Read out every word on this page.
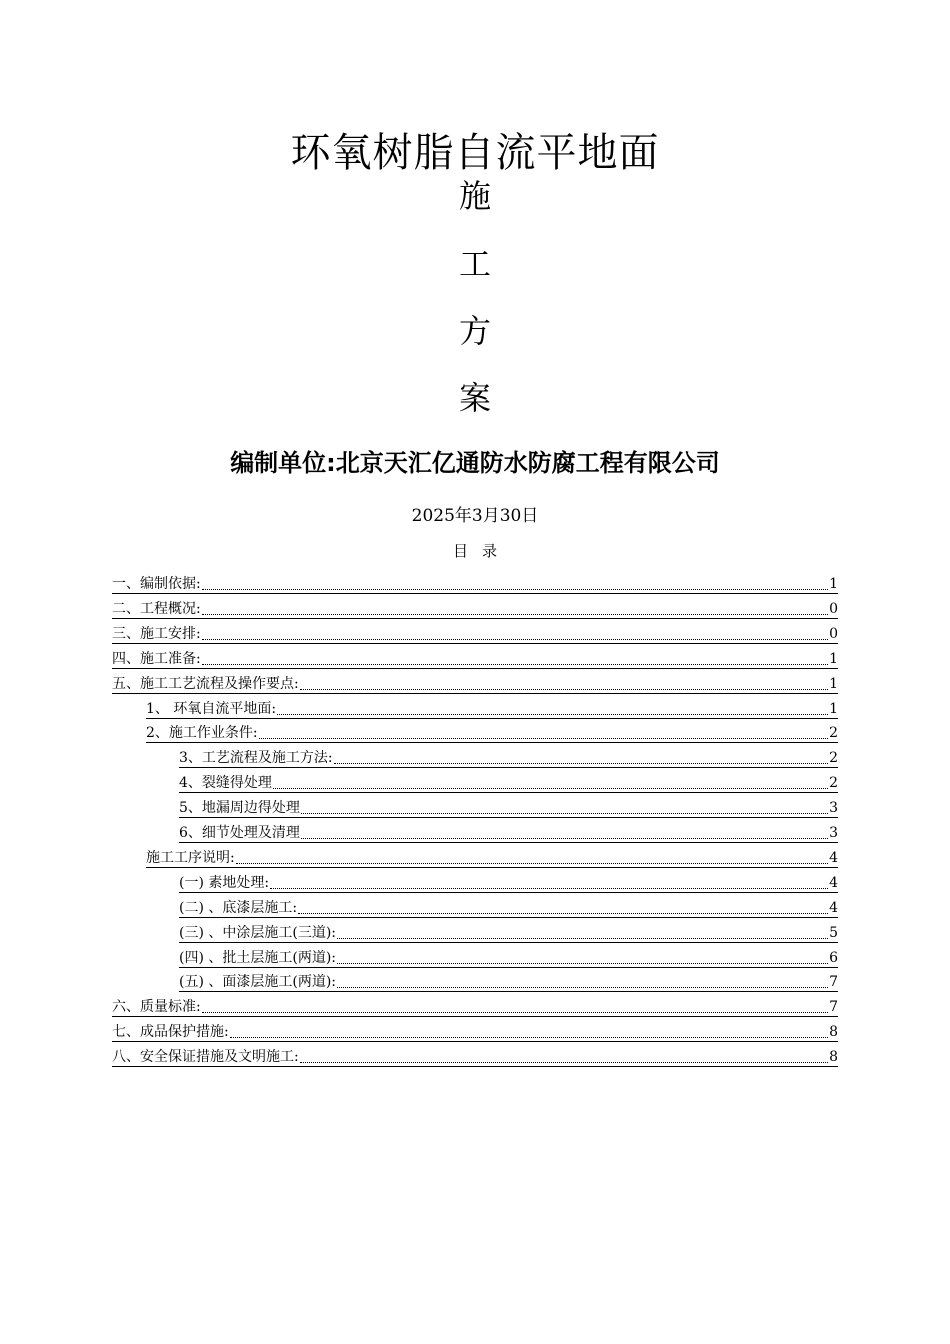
环氧树脂自流平地面
施
工
方
案
编制单位:北京天汇亿通防水防腐工程有限公司
2025年3月30日
目录
一、编制依据:	1
二、工程概况:	0
三、施工安排:	0
四、施工准备:	1
五、施工工艺流程及操作要点:	1
1、 环氧自流平地面:	1
2、施工作业条件:	2
3、工艺流程及施工方法:	2
4、裂缝得处理	2
5、地漏周边得处理	3
6、细节处理及清理	3
施工工序说明:	4
(一) 素地处理:	4
(二) 、底漆层施工:	4
(三) 、中涂层施工(三道):	5
(四) 、批土层施工(两道):	6
(五) 、面漆层施工(两道):	7
六、质量标准:	7
七、成品保护措施:	8
八、安全保证措施及文明施工:	8
